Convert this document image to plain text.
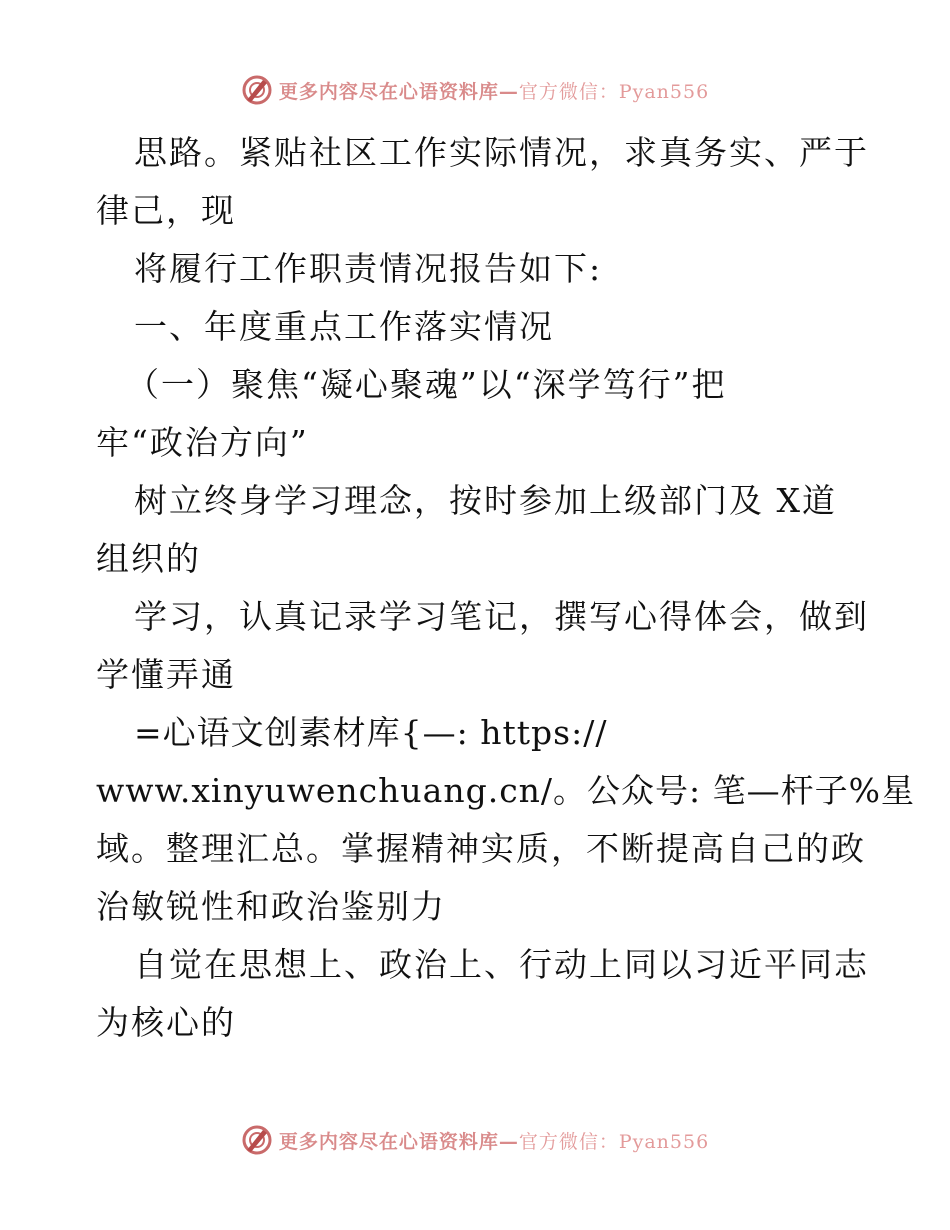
更多内容尽在心语资料库—官方微信：Pyan556
思路。紧贴社区工作实际情况，求真务实、严于
律己，现
将履行工作职责情况报告如下:
一、年度重点工作落实情况
（一）聚焦“凝心聚魂”以“深学笃行”把
牢“政治方向”
树立终身学习理念，按时参加上级部门及 X道
组织的
学习，认真记录学习笔记，撰写心得体会，做到
学懂弄通
=心语文创素材库{—: https://
www.xinyuwenchuang.cn/。公众号: 笔—杆子%星
域。整理汇总。掌握精神实质，不断提高自己的政
治敏锐性和政治鉴别力
自觉在思想上、政治上、行动上同以习近平同志
为核心的
更多内容尽在心语资料库—官方微信：Pyan556
